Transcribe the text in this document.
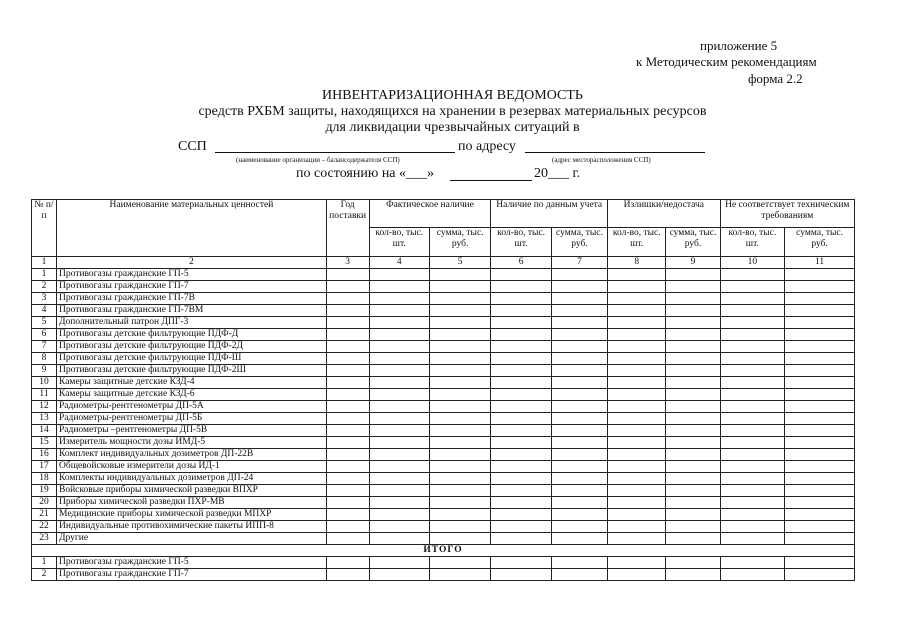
приложение 5
к Методическим рекомендациям
форма 2.2
ИНВЕНТАРИЗАЦИОННАЯ ВЕДОМОСТЬ
средств РХБМ защиты, находящихся на хранении в резервах материальных ресурсов
для ликвидации чрезвычайных ситуаций в
ССП	по адресу
(наименование организации – балансодержателя ССП)	(адрес месторасположения ССП)
по состоянию на «___»	20___ г.
№ п/п	Наименование материальных ценностей	Год поставки	Фактическое наличие		Наличие по данным учета		Излишки/недостача		Не соответствует техническим требованиям	
			кол-во, тыс. шт.	сумма, тыс. руб.	кол-во, тыс. шт.	сумма, тыс. руб.	кол-во, тыс. шт.	сумма, тыс. руб.	кол-во, тыс. шт.	сумма, тыс. руб.
1	2	3	4	5	6	7	8	9	10	11
1	Противогазы гражданские ГП-5									
2	Противогазы гражданские ГП-7									
3	Противогазы гражданские ГП-7В									
4	Противогазы гражданские ГП-7ВМ									
5	Дополнительный патрон ДПГ-3									
6	Противогазы детские фильтрующие ПДФ-Д									
7	Противогазы детские фильтрующие ПДФ-2Д									
8	Противогазы детские фильтрующие ПДФ-Ш									
9	Противогазы детские фильтрующие ПДФ-2Ш									
10	Камеры защитные детские КЗД-4									
11	Камеры защитные детские КЗД-6									
12	Радиометры-рентгенометры ДП-5А									
13	Радиометры-рентгенометры ДП-5Б									
14	Радиометры –рентгенометры ДП-5В									
15	Измеритель мощности дозы ИМД-5									
16	Комплект индивидуальных дозиметров ДП-22В									
17	Общевойсковые измерители дозы ИД-1									
18	Комплекты индивидуальных дозиметров ДП-24									
19	Войсковые приборы химической разведки ВПХР									
20	Приборы химической разведки ПХР-МВ									
21	Медицинские приборы химической разведки МПХР									
22	Индивидуальные противохимические пакеты ИПП-8									
23	Другие									
ИТОГО										
1	Противогазы гражданские ГП-5									
2	Противогазы гражданские ГП-7									
